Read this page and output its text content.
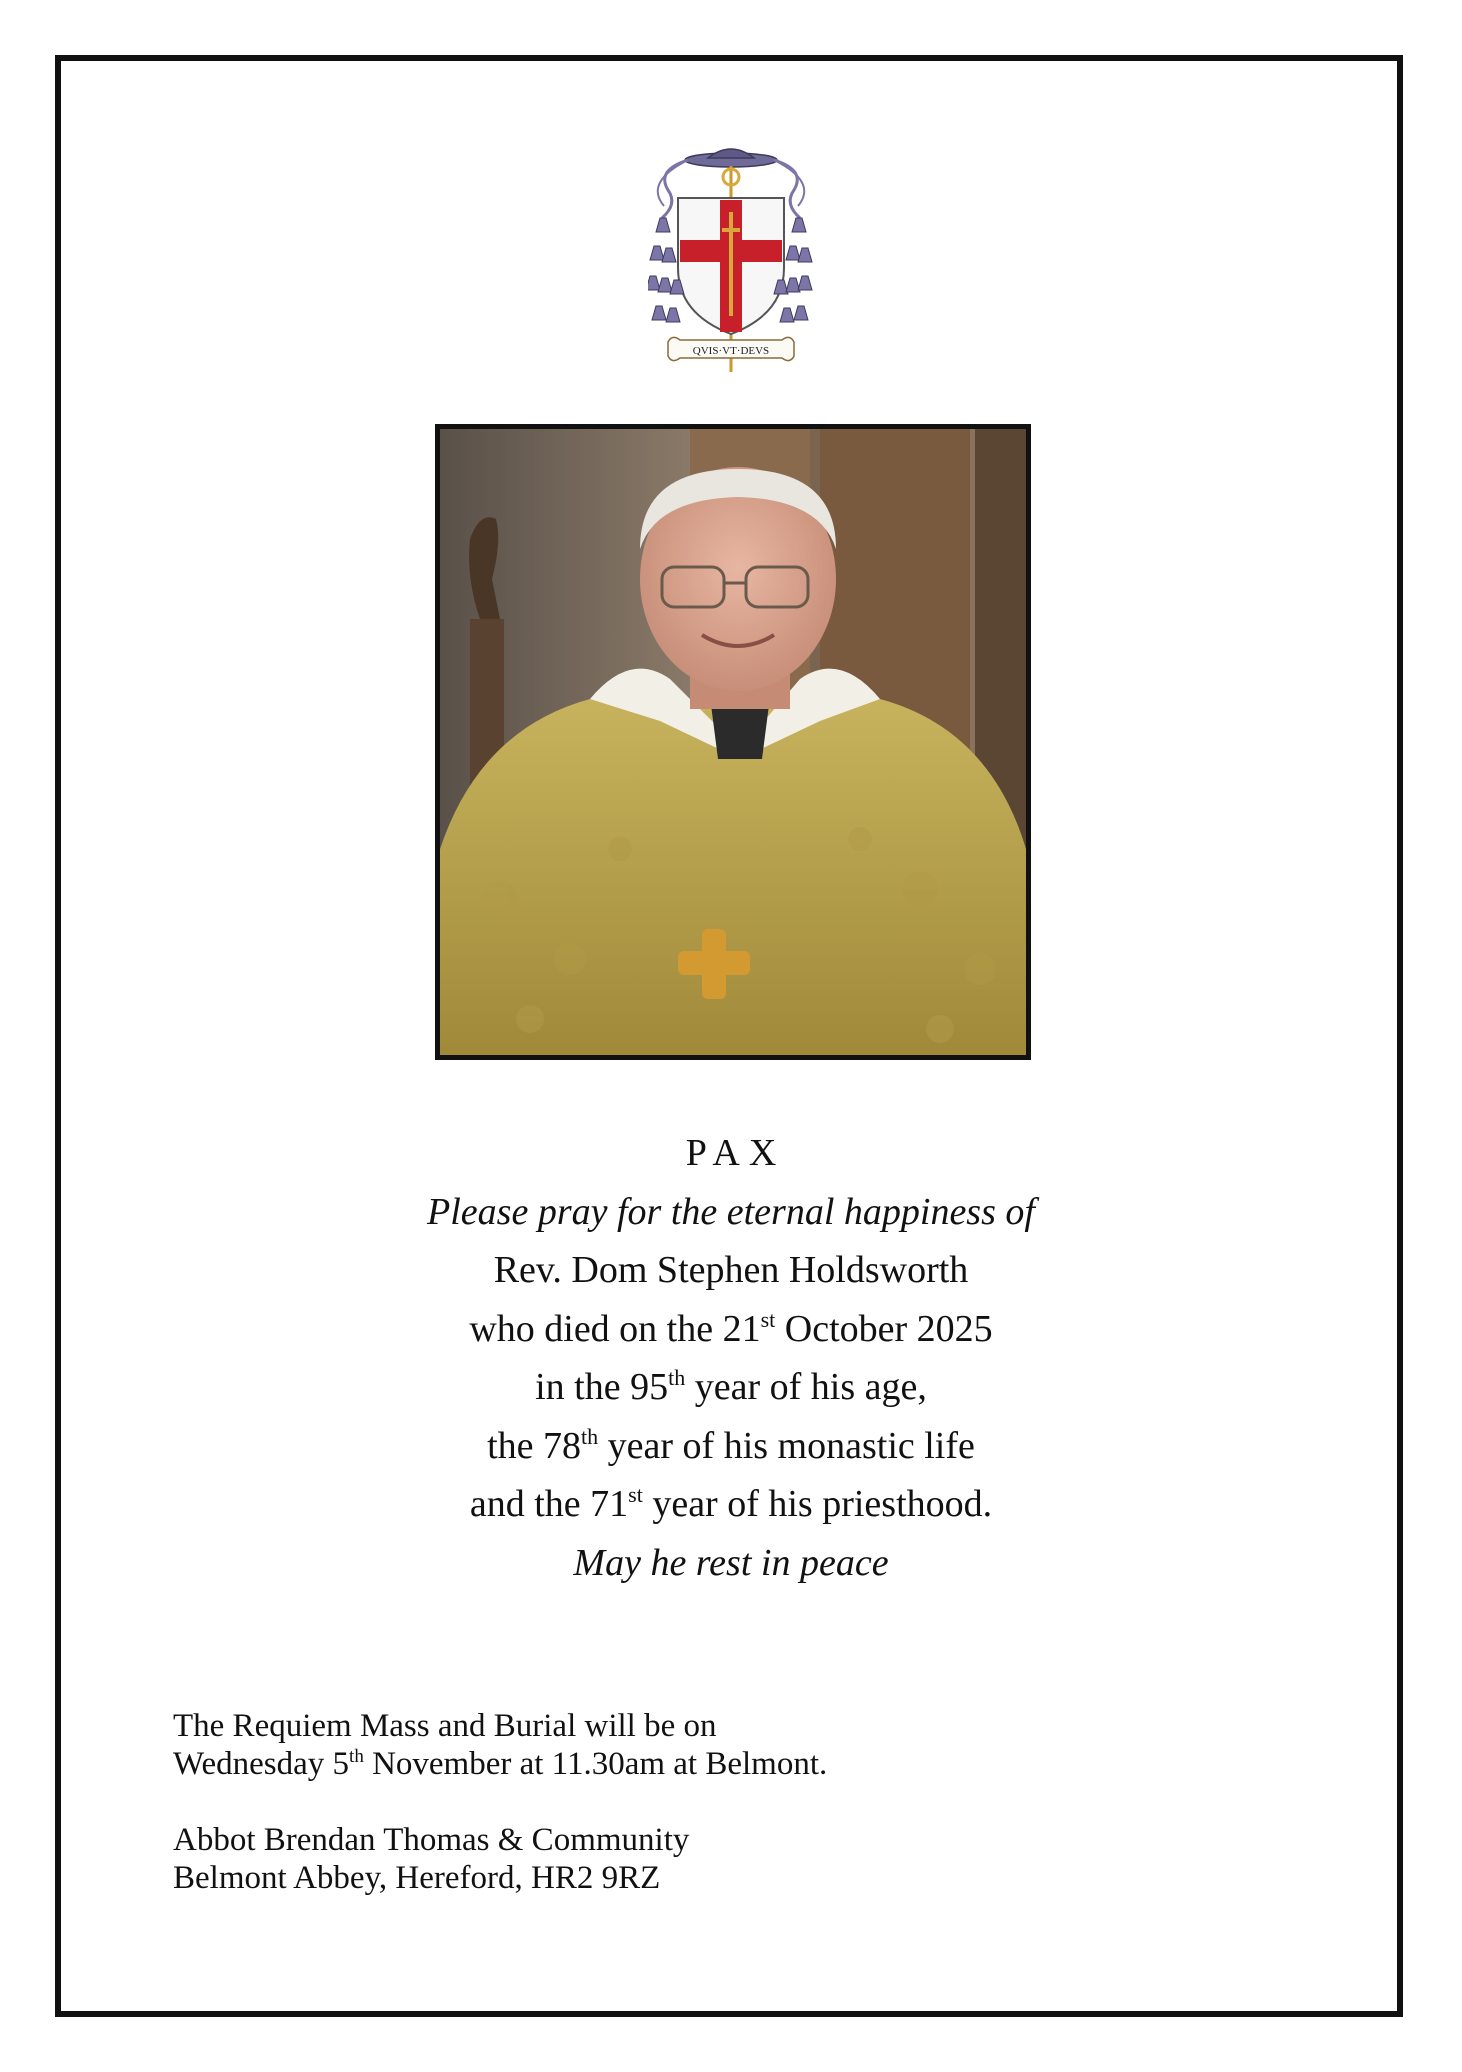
QVIS·VT·DEVS
PAX
Please pray for the eternal happiness of
Rev. Dom Stephen Holdsworth
who died on the 21st October 2025
in the 95th year of his age,
the 78th year of his monastic life
and the 71st year of his priesthood.
May he rest in peace
The Requiem Mass and Burial will be on
Wednesday 5th November at 11.30am at Belmont.
Abbot Brendan Thomas & Community
Belmont Abbey, Hereford, HR2 9RZ
